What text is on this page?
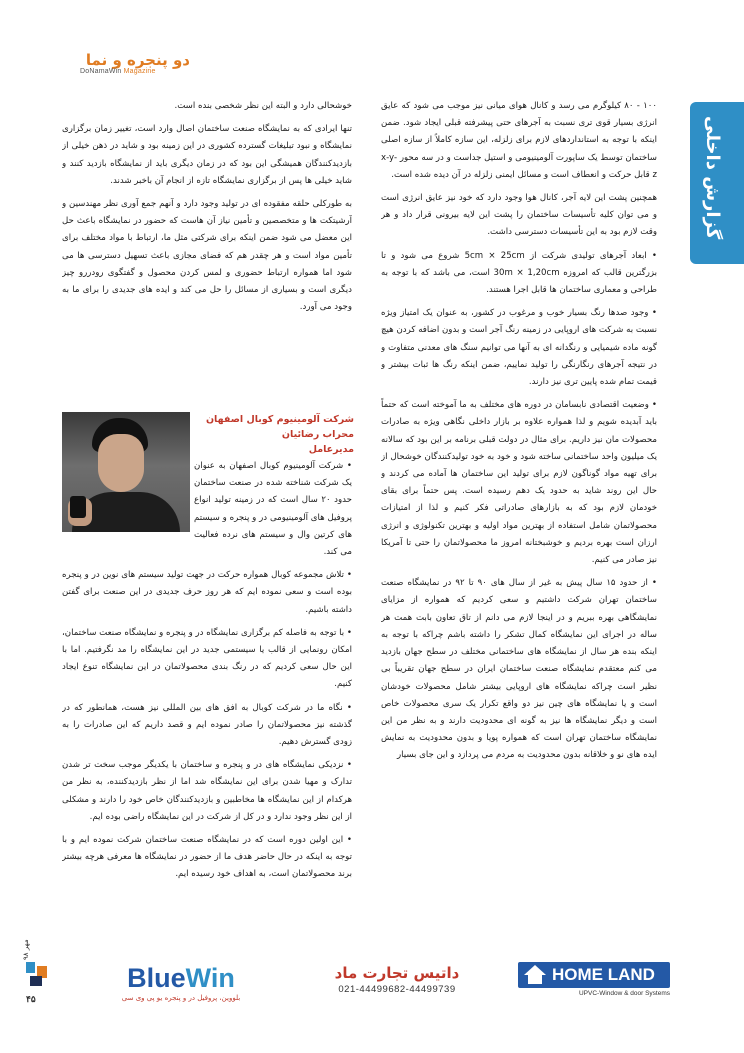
دو پنجره و نما
DoNamaWin Magazine
گزارش داخلی

۱۰۰ - ۸۰ کیلوگرم می رسد و کانال هوای میانی نیز موجب می شود که عایق انرژی بسیار قوی تری نسبت به آجرهای حتی پیشرفته قبلی ایجاد شود. ضمن اینکه با توجه به استانداردهای لازم برای زلزله، این سازه کاملاً از سازه اصلی ساختمان توسط یک ساپورت آلومینیومی و استیل جداست و در سه محور x-y-z قابل حرکت و انعطاف است و مسائل ایمنی زلزله در آن دیده شده است.

همچنین پشت این لایه آجر، کانال هوا وجود دارد که خود نیز عایق انرژی است و می توان کلیه تأسیسات ساختمان را پشت این لایه بیرونی قرار داد و هر وقت لازم بود به این تأسیسات دسترسی داشت.

• ابعاد آجرهای تولیدی شرکت از 5cm × 25cm شروع می شود و تا بزرگترین قالب که امروزه 30m × 1,20cm است، می باشد که با توجه به طراحی و معماری ساختمان ها قابل اجرا هستند.

• وجود صدها رنگ بسیار خوب و مرغوب در کشور، به عنوان یک امتیاز ویژه نسبت به شرکت های اروپایی در زمینه رنگ آجر است و بدون اضافه کردن هیچ گونه ماده شیمیایی و رنگدانه ای به آنها می توانیم سنگ های معدنی متفاوت و در نتیجه آجرهای رنگارنگی را تولید نماییم، ضمن اینکه رنگ ها ثبات بیشتر و قیمت تمام شده پایین تری نیز دارند.

• وضعیت اقتصادی نابسامان در دوره های مختلف به ما آموخته است که حتماً باید آبدیده شویم و لذا همواره علاوه بر بازار داخلی نگاهی ویژه به صادرات محصولات مان نیز داریم. برای مثال در دولت قبلی برنامه بر این بود که سالانه یک میلیون واحد ساختمانی ساخته شود و خود به خود تولیدکنندگان خوشحال از برای تهیه مواد گوناگون لازم برای تولید این ساختمان ها آماده می کردند و حال این روند شاید به حدود یک دهم رسیده است. پس حتماً برای بقای خودمان لازم بود که به بازارهای صادراتی فکر کنیم و لذا از امتیازات محصولاتمان شامل استفاده از بهترین مواد اولیه و بهترین تکنولوژی و انرژی ارزان است بهره بردیم و خوشبختانه امروز ما محصولاتمان را حتی تا آمریکا نیز صادر می کنیم.

• از حدود ۱۵ سال پیش به غیر از سال های ۹۰ تا ۹۲ در نمایشگاه صنعت ساختمان تهران شرکت داشتیم و سعی کردیم که همواره از مزایای نمایشگاهی بهره ببریم و در اینجا لازم می دانم از تاق تعاون بابت همت هر ساله در اجرای این نمایشگاه کمال تشکر را داشته باشم چراکه با توجه به اینکه بنده هر سال از نمایشگاه های ساختمانی مختلف در سطح جهان بازدید می کنم معتقدم نمایشگاه صنعت ساختمان ایران در سطح جهان تقریباً بی نظیر است چراکه نمایشگاه های اروپایی بیشتر شامل محصولات خودشان است و یا نمایشگاه های چین نیز دو واقع تکرار یک سری محصولات خاص است و دیگر نمایشگاه ها نیز به گونه ای محدودیت دارند و به نظر من این نمایشگاه ساختمان تهران است که همواره پویا و بدون محدودیت به نمایش ایده های نو و خلاقانه بدون محدودیت به مردم می پردازد و این جای بسیار

خوشحالی دارد و البته این نظر شخصی بنده است.

تنها ایرادی که به نمایشگاه صنعت ساختمان اصال وارد است، تغییر زمان برگزاری نمایشگاه و نبود تبلیغات گسترده کشوری در این زمینه بود و شاید در ذهن خیلی از بازدیدکنندگان همیشگی این بود که در زمان دیگری باید از نمایشگاه بازدید کنند و شاید خیلی ها پس از برگزاری نمایشگاه تازه از انجام آن باخبر شدند.

به طورکلی حلقه مفقوده ای در تولید وجود دارد و آنهم جمع آوری نظر مهندسین و آرشیتکت ها و متخصصین و تأمین نیاز آن هاست که حضور در نمایشگاه باعث حل این معضل می شود ضمن اینکه برای شرکتی مثل ما، ارتباط با مواد مختلف برای تأمین مواد است و هر چقدر هم که فضای مجازی باعث تسهیل دسترسی ها می شود اما همواره ارتباط حضوری و لمس کردن محصول و گفتگوی رودررو چیز دیگری است و بسیاری از مسائل را حل می کند و ایده های جدیدی را برای ما به وجود می آورد.

شرکت آلومینیوم کوبال اصفهان
محراب رضائیان
مدیرعامل

• شرکت آلومینیوم کوبال اصفهان به عنوان یک شرکت شناخته شده در صنعت ساختمان حدود ۲۰ سال است که در زمینه تولید انواع پروفیل های آلومینیومی در و پنجره و سیستم های کرتین وال و سیستم های نرده فعالیت می کند.

• تلاش مجموعه کوبال همواره حرکت در جهت تولید سیستم های نوین در و پنجره بوده است و سعی نموده ایم که هر روز حرف جدیدی در این صنعت برای گفتن داشته باشیم.

• با توجه به فاصله کم برگزاری نمایشگاه در و پنجره و نمایشگاه صنعت ساختمان، امکان رونمایی از قالب یا سیستمی جدید در این نمایشگاه را مد نگرفتیم. اما با این حال سعی کردیم که در رنگ بندی محصولاتمان در این نمایشگاه تنوع ایجاد کنیم.

• نگاه ما در شرکت کوبال به افق های بین المللی نیز هست، همانطور که در گذشته نیز محصولاتمان را صادر نموده ایم و قصد داریم که این صادرات را به زودی گسترش دهیم.

• نزدیکی نمایشگاه های در و پنجره و ساختمان با یکدیگر موجب سخت تر شدن تدارک و مهیا شدن برای این نمایشگاه شد اما از نظر بازدیدکننده، به نظر من هرکدام از این نمایشگاه ها مخاطبین و بازدیدکنندگان خاص خود را دارند و مشکلی از این نظر وجود ندارد و در کل از شرکت در این نمایشگاه راضی بوده ایم.

• این اولین دوره است که در نمایشگاه صنعت ساختمان شرکت نموده ایم و با توجه به اینکه در حال حاضر هدف ما از حضور در نمایشگاه ها معرفی هرچه بیشتر برند محصولاتمان است، به اهداف خود رسیده ایم.

مهر ۹۸
۴۵
BlueWin
بلووین، پروفیل در و پنجره یو پی وی سی
داتیس تجارت ماد
021-44499682-44499739
HOME LAND
UPVC-Window & door Systems
